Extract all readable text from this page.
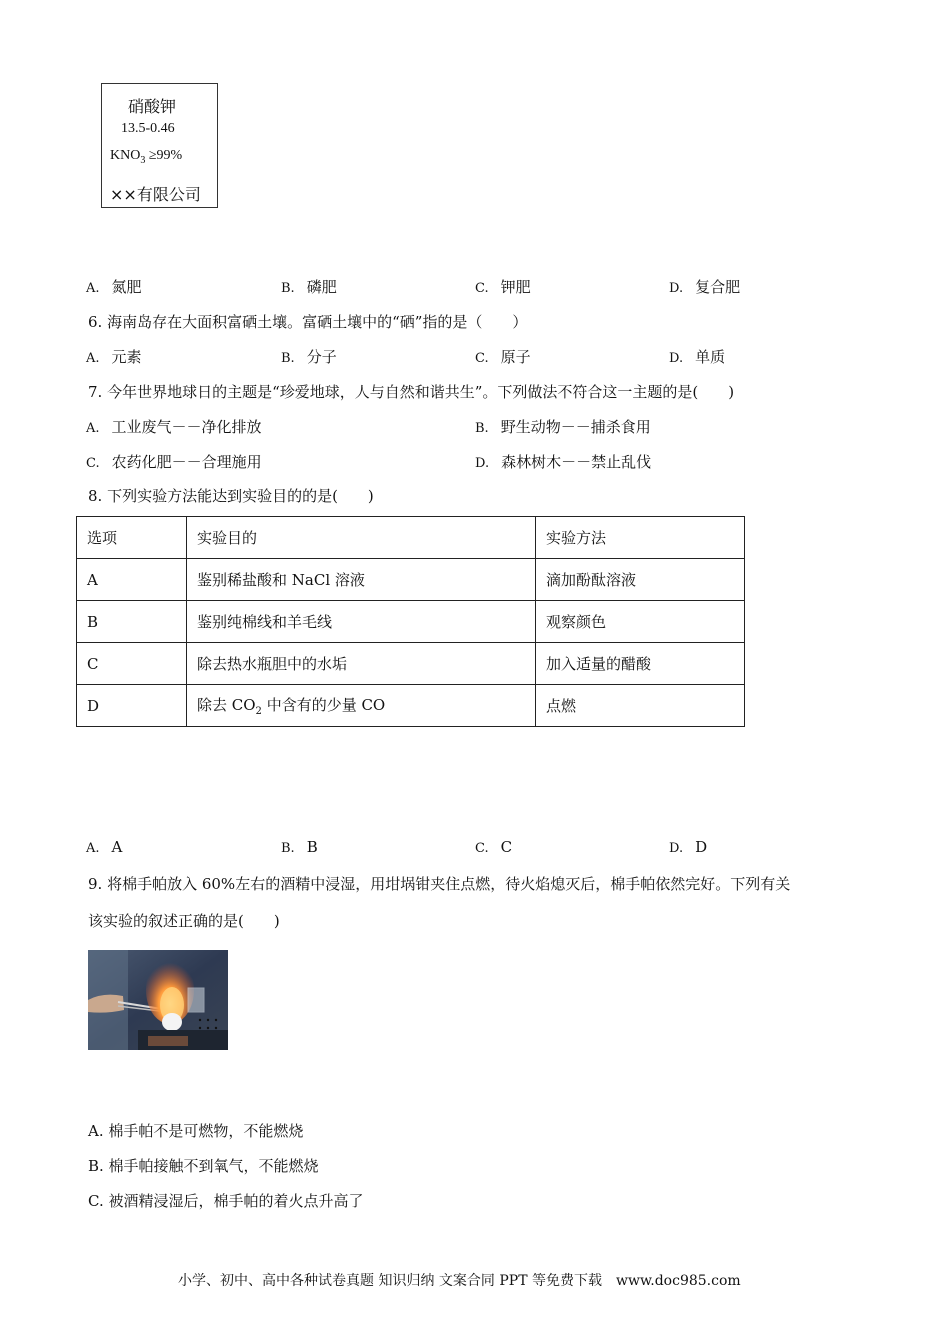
硝酸钾
13.5-0.46
$KNO_3 \ge 99\%$
××有限公司
A. 氮肥	B. 磷肥	C. 钾肥	D. 复合肥
6. 海南岛存在大面积富硒土壤。富硒土壤中的“硒”指的是（　　）
A. 元素	B. 分子	C. 原子	D. 单质
7. 今年世界地球日的主题是“珍爱地球，人与自然和谐共生”。下列做法不符合这一主题的是(　　)
A. 工业废气－－净化排放	B. 野生动物－－捕杀食用
C. 农药化肥－－合理施用	D. 森林树木－－禁止乱伐
8. 下列实验方法能达到实验目的的是(　　)
选项	实验目的	实验方法
A	鉴别稀盐酸和 NaCl 溶液	滴加酚酞溶液
B	鉴别纯棉线和羊毛线	观察颜色
C	除去热水瓶胆中的水垢	加入适量的醋酸
D	除去 $CO_2$ 中含有的少量 CO	点燃
A. A	B. B	C. C	D. D
9. 将棉手帕放入 60%左右的酒精中浸湿，用坩埚钳夹住点燃，待火焰熄灭后，棉手帕依然完好。下列有关
该实验的叙述正确的是(　　)
A. 棉手帕不是可燃物，不能燃烧
B. 棉手帕接触不到氧气，不能燃烧
C. 被酒精浸湿后，棉手帕的着火点升高了
小学、初中、高中各种试卷真题 知识归纳 文案合同 PPT 等免费下载　www.doc985.com
